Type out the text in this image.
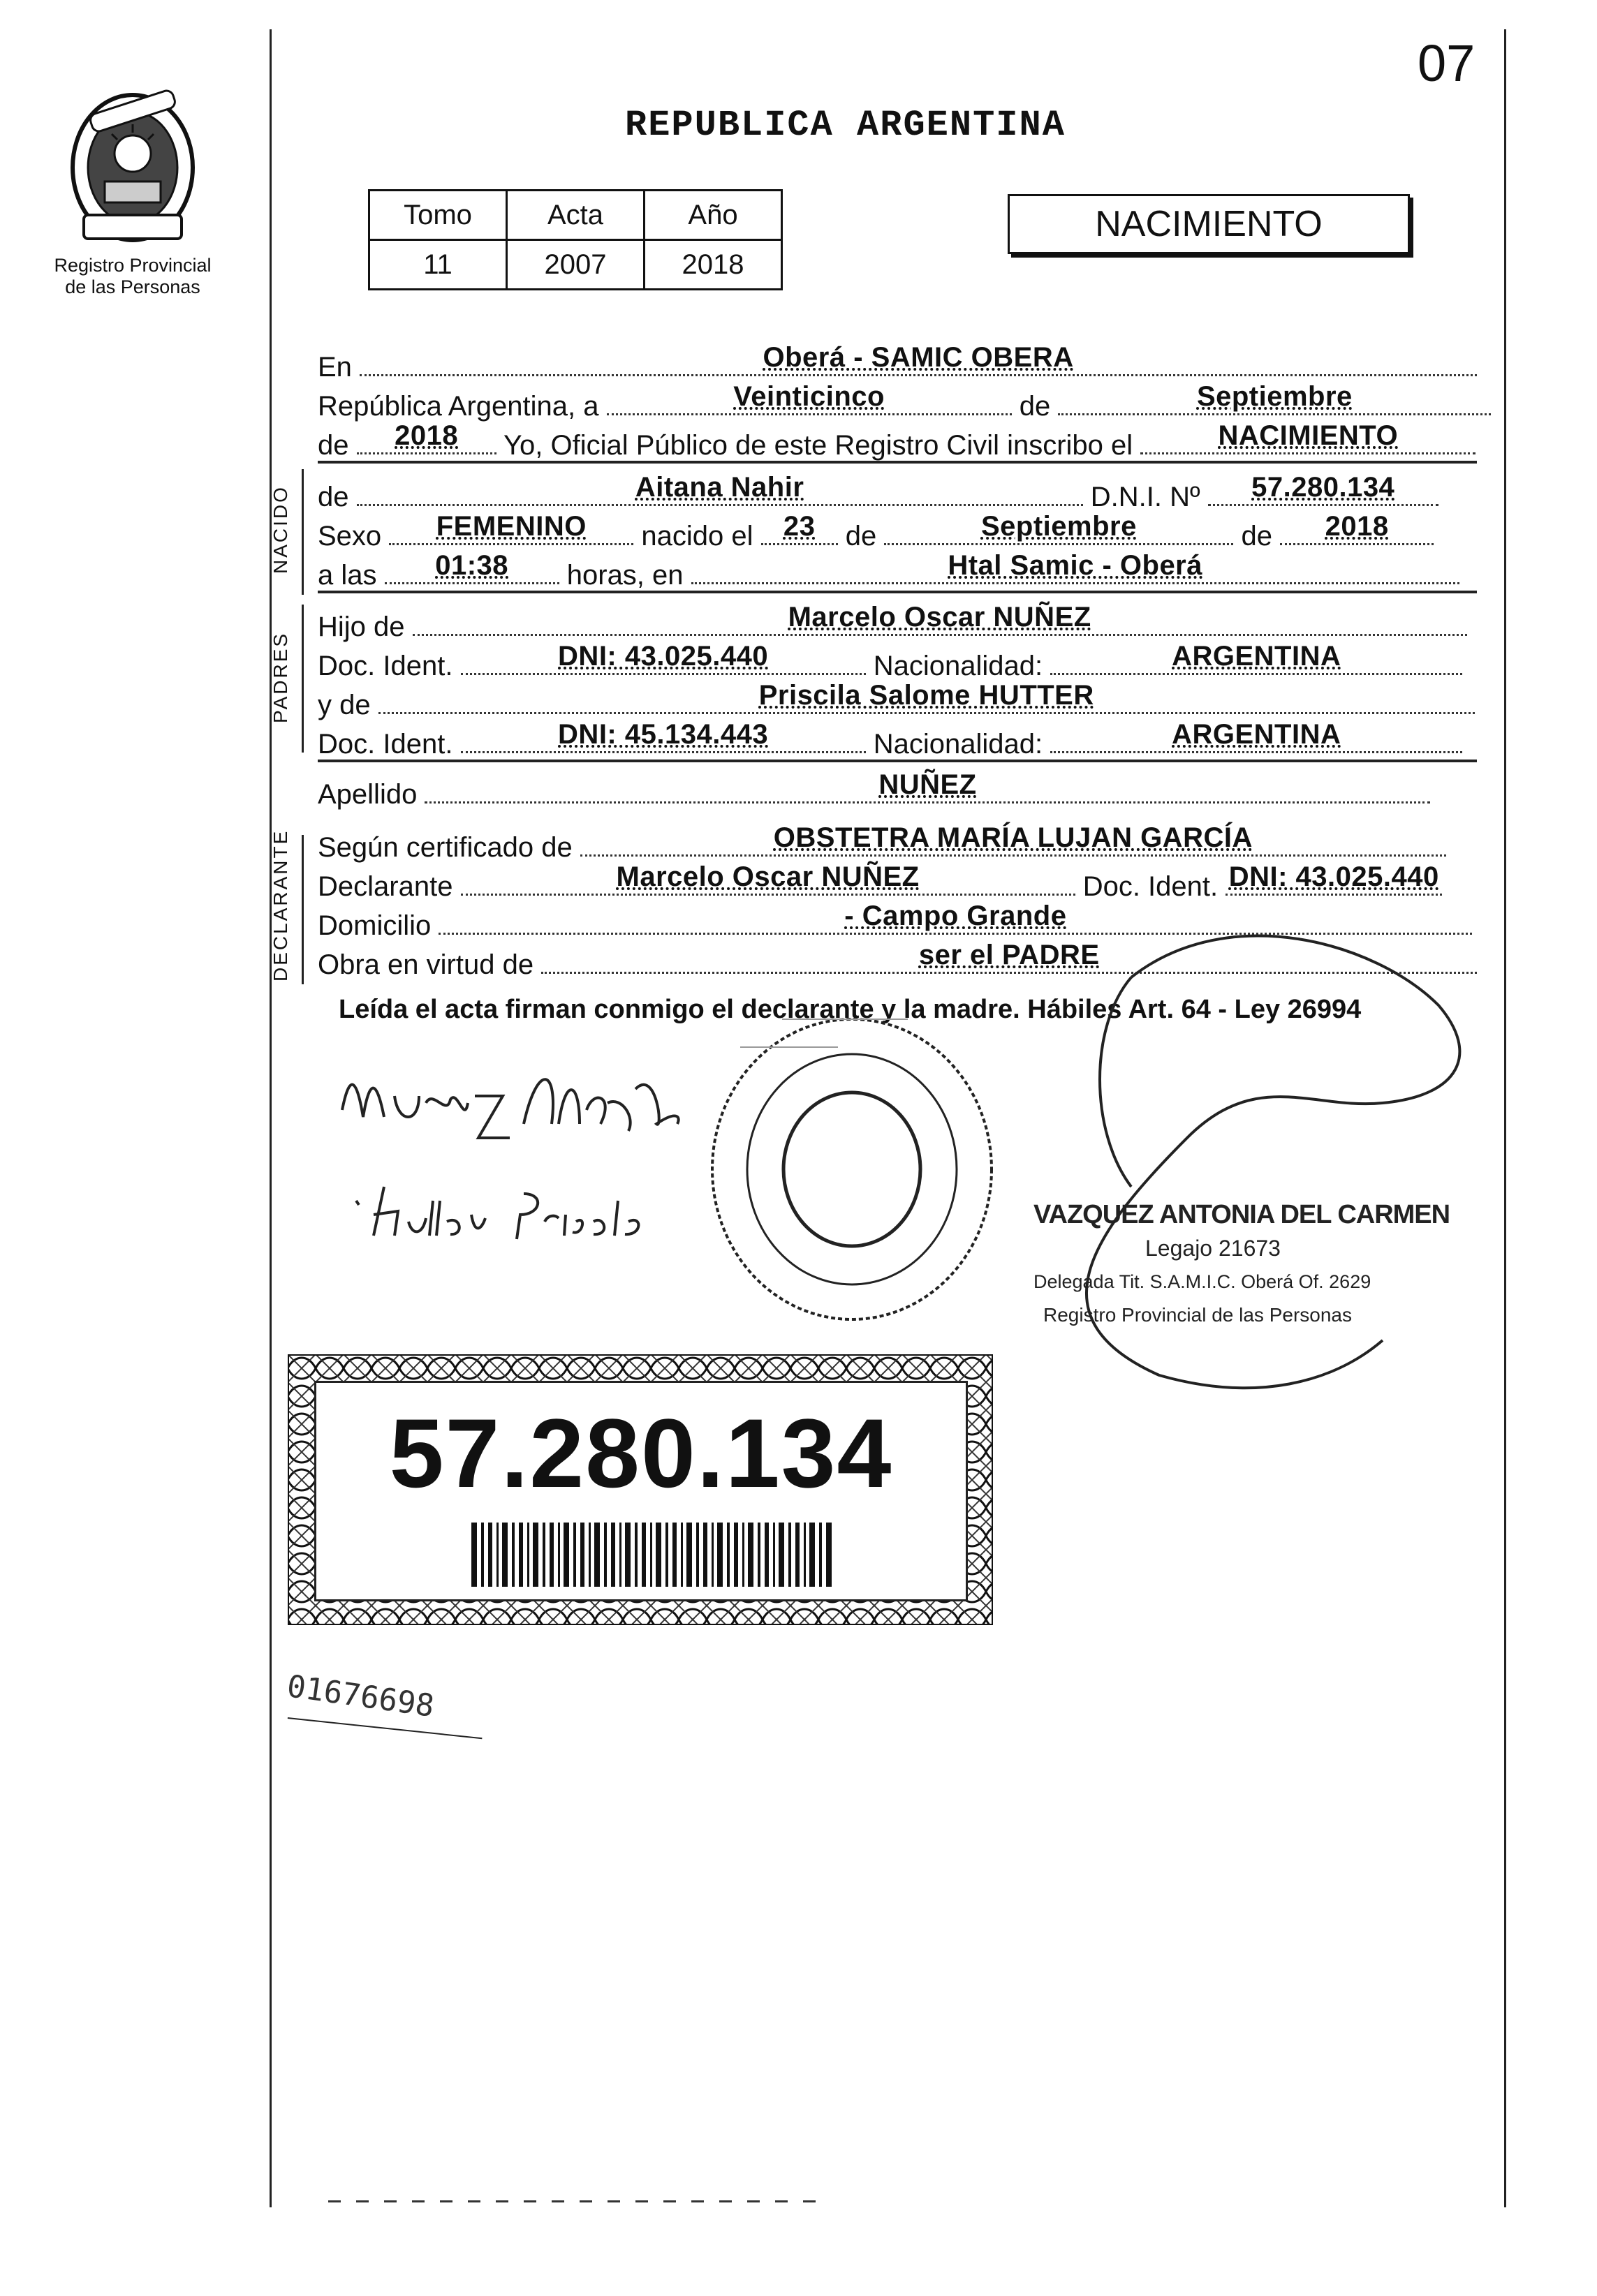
07
Registro Provincial
de las Personas
REPUBLICA ARGENTINA
Tomo	Acta	Año
11	2007	2018
NACIMIENTO
En	Oberá - SAMIC OBERA
República Argentina, a	Veinticinco	de	Septiembre
de	2018	Yo, Oficial Público de este Registro Civil inscribo el	NACIMIENTO
NACIDO de	Aitana Nahir	D.N.I. Nº	57.280.134
Sexo	FEMENINO	nacido el	23	de	Septiembre	de	2018
a las	01:38	horas, en	Htal Samic - Oberá
PADRES
Hijo de	Marcelo Oscar NUÑEZ
Doc. Ident.	DNI: 43.025.440	Nacionalidad:	ARGENTINA
y de	Priscila Salome HUTTER
Doc. Ident.	DNI: 45.134.443	Nacionalidad:	ARGENTINA
Apellido	NUÑEZ
DECLARANTE Según certificado de	OBSTETRA MARÍA LUJAN GARCÍA
Declarante	Marcelo Oscar NUÑEZ	Doc. Ident. DNI: 43.025.440
Domicilio	- Campo Grande
Obra en virtud de	ser el PADRE
Leída el acta firman conmigo el declarante y la madre. Hábiles Art. 64 - Ley 26994
VAZQUEZ ANTONIA DEL CARMEN
Legajo 21673
Delegada Tit. S.A.M.I.C. Oberá Of. 2629
Registro Provincial de las Personas
57.280.134
01676698
